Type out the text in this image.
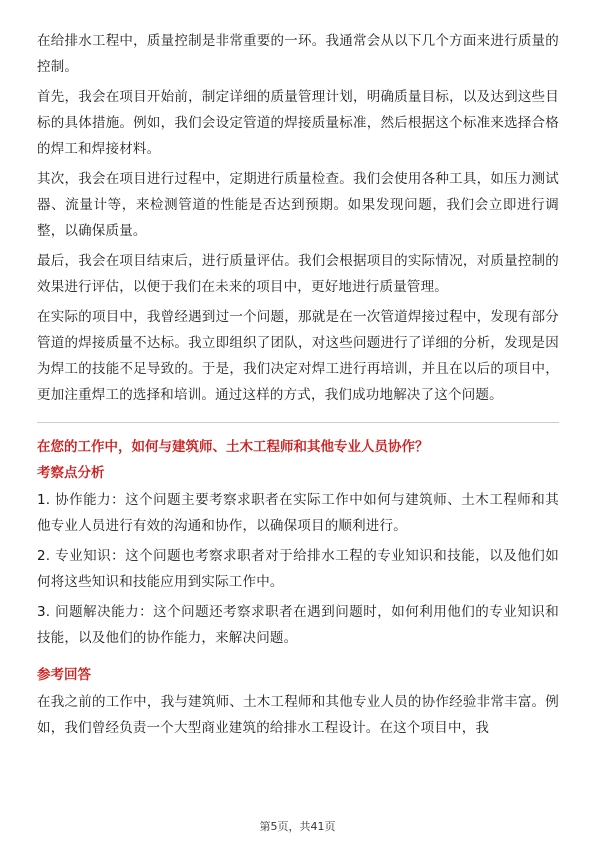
在给排水工程中，质量控制是非常重要的一环。我通常会从以下几个方面来进行质量的控制。

首先，我会在项目开始前，制定详细的质量管理计划，明确质量目标，以及达到这些目标的具体措施。例如，我们会设定管道的焊接质量标准，然后根据这个标准来选择合格的焊工和焊接材料。

其次，我会在项目进行过程中，定期进行质量检查。我们会使用各种工具，如压力测试器、流量计等，来检测管道的性能是否达到预期。如果发现问题，我们会立即进行调整，以确保质量。

最后，我会在项目结束后，进行质量评估。我们会根据项目的实际情况，对质量控制的效果进行评估，以便于我们在未来的项目中，更好地进行质量管理。

在实际的项目中，我曾经遇到过一个问题，那就是在一次管道焊接过程中，发现有部分管道的焊接质量不达标。我立即组织了团队，对这些问题进行了详细的分析，发现是因为焊工的技能不足导致的。于是，我们决定对焊工进行再培训，并且在以后的项目中，更加注重焊工的选择和培训。通过这样的方式，我们成功地解决了这个问题。

在您的工作中，如何与建筑师、土木工程师和其他专业人员协作？
考察点分析

1. 协作能力：这个问题主要考察求职者在实际工作中如何与建筑师、土木工程师和其他专业人员进行有效的沟通和协作，以确保项目的顺利进行。

2. 专业知识：这个问题也考察求职者对于给排水工程的专业知识和技能，以及他们如何将这些知识和技能应用到实际工作中。

3. 问题解决能力：这个问题还考察求职者在遇到问题时，如何利用他们的专业知识和技能，以及他们的协作能力，来解决问题。

参考回答

在我之前的工作中，我与建筑师、土木工程师和其他专业人员的协作经验非常丰富。例如，我们曾经负责一个大型商业建筑的给排水工程设计。在这个项目中，我

第5页，共41页
